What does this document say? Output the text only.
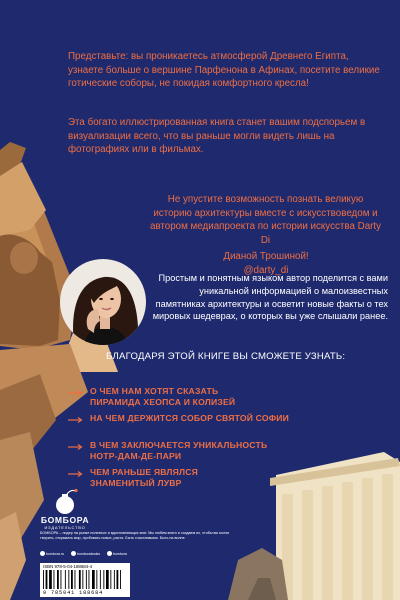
Представьте: вы проникаетесь атмосферой Древнего Египта, узнаете больше о вершине Парфенона в Афинах, посетите великие готические соборы, не покидая комфортного кресла!

Эта богато иллюстрированная книга станет вашим подспорьем в визуализации всего, что вы раньше могли видеть лишь на фотографиях или в фильмах.

Не упустите возможность познать великую историю архитектуры вместе с искусствоведом и автором медиапроекта по истории искусства Darty Di

Дианой Трошиной!
@darty_di

Простым и понятным языком автор поделится с вами уникальной информацией о малоизвестных памятниках архитектуры и осветит новые факты о тех мировых шедеврах, о которых вы уже слышали ранее.

БЛАГОДАРЯ ЭТОЙ КНИГЕ ВЫ СМОЖЕТЕ УЗНАТЬ:

О ЧЕМ НАМ ХОТЯТ СКАЗАТЬ
ПИРАМИДА ХЕОПСА И КОЛИЗЕЙ
НА ЧЕМ ДЕРЖИТСЯ СОБОР СВЯТОЙ СОФИИ
В ЧЕМ ЗАКЛЮЧАЕТСЯ УНИКАЛЬНОСТЬ
НОТР-ДАМ-ДЕ-ПАРИ
ЧЕМ РАНЬШЕ ЯВЛЯЛСЯ
ЗНАМЕНИТЫЙ ЛУВР
БОМБОРА
ИЗДАТЕЛЬСТВО

БОМБОРА – лидер на рынке полезных и вдохновляющих книг. Мы любим книги и создаем их, чтобы вы могли творить, открывать мир, пробовать новое, расти. Быть счастливыми. Быть на волне.

bombora.ru	bomborabooks	bombora
ISBN 978-5-04-188684-4
9 785041 188684
